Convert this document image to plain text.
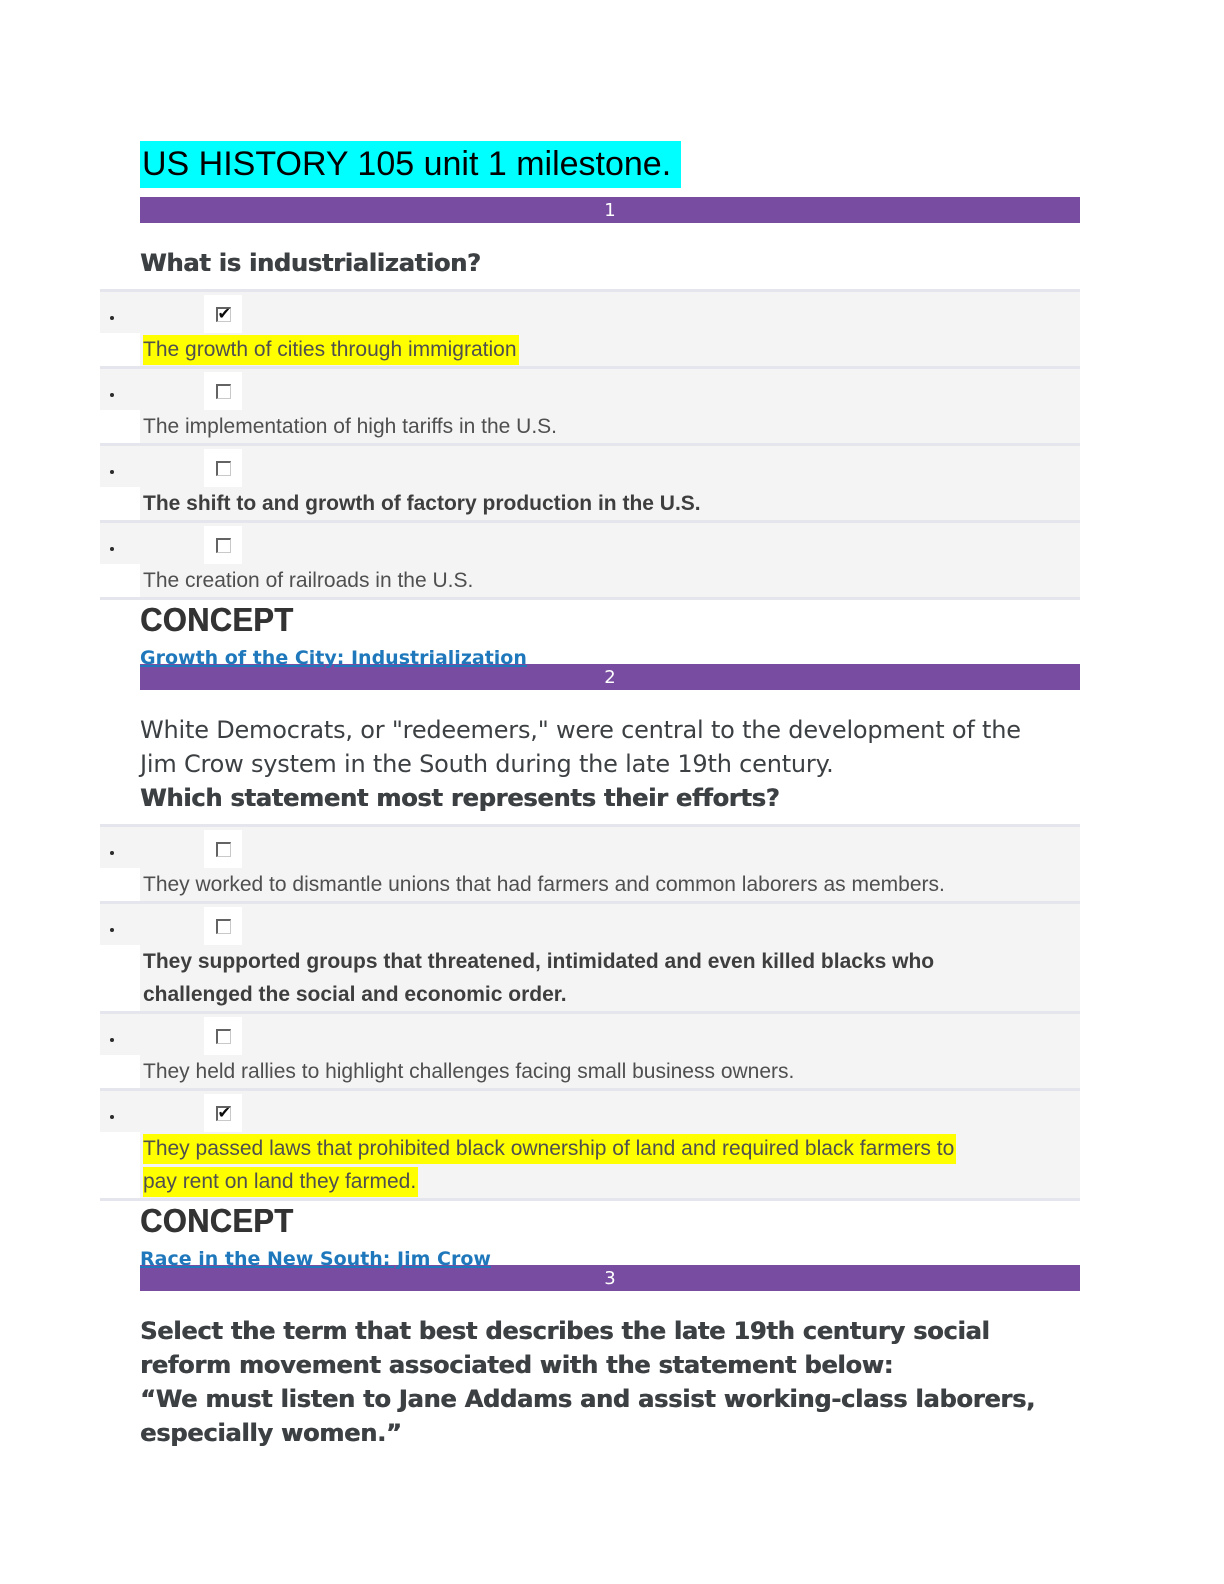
US HISTORY 105 unit 1 milestone.
1
What is industrialization?
✔
The growth of cities through immigration
The implementation of high tariffs in the U.S.
The shift to and growth of factory production in the U.S.
The creation of railroads in the U.S.
CONCEPT
Growth of the City: Industrialization
2
White Democrats, or "redeemers," were central to the development of the
Jim Crow system in the South during the late 19th century.
Which statement most represents their efforts?
They worked to dismantle unions that had farmers and common laborers as members.
They supported groups that threatened, intimidated and even killed blacks who
challenged the social and economic order.
They held rallies to highlight challenges facing small business owners.
✔
They passed laws that prohibited black ownership of land and required black farmers to
pay rent on land they farmed.
CONCEPT
Race in the New South: Jim Crow
3
Select the term that best describes the late 19th century social
reform movement associated with the statement below:
“We must listen to Jane Addams and assist working-class laborers,
especially women.”
